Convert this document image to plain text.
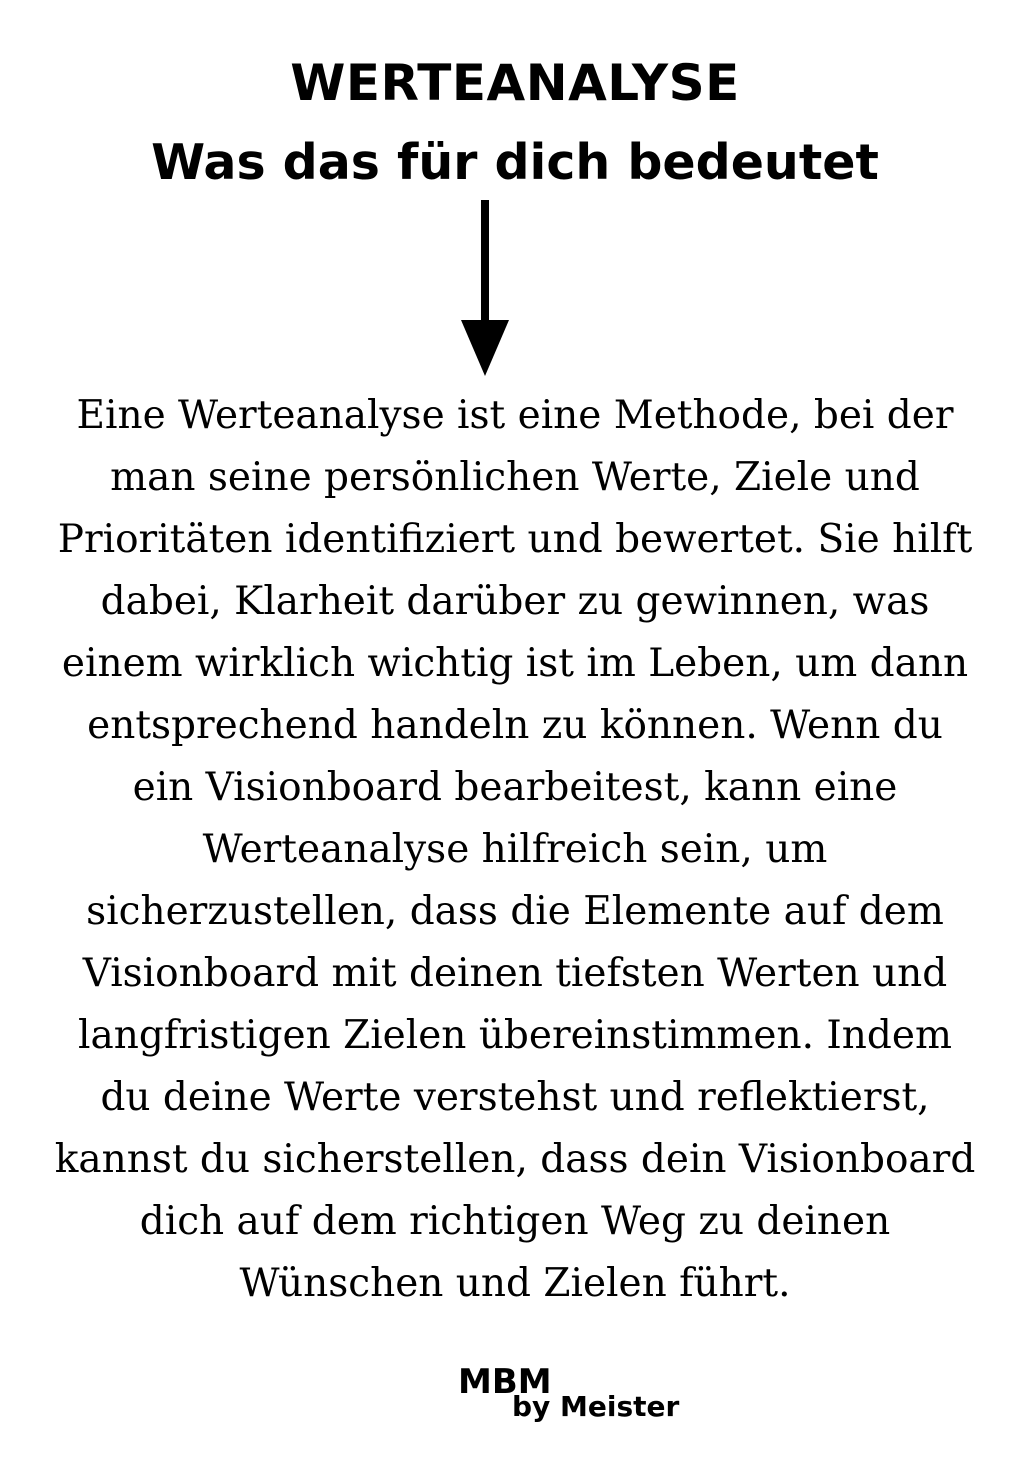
WERTEANALYSE
Was das für dich bedeutet
Eine Werteanalyse ist eine Methode, bei der
man seine persönlichen Werte, Ziele und
Prioritäten identifiziert und bewertet. Sie hilft
dabei, Klarheit darüber zu gewinnen, was
einem wirklich wichtig ist im Leben, um dann
entsprechend handeln zu können. Wenn du
ein Visionboard bearbeitest, kann eine
Werteanalyse hilfreich sein, um
sicherzustellen, dass die Elemente auf dem
Visionboard mit deinen tiefsten Werten und
langfristigen Zielen übereinstimmen. Indem
du deine Werte verstehst und reflektierst,
kannst du sicherstellen, dass dein Visionboard
dich auf dem richtigen Weg zu deinen
Wünschen und Zielen führt.
MBM
by Meister
